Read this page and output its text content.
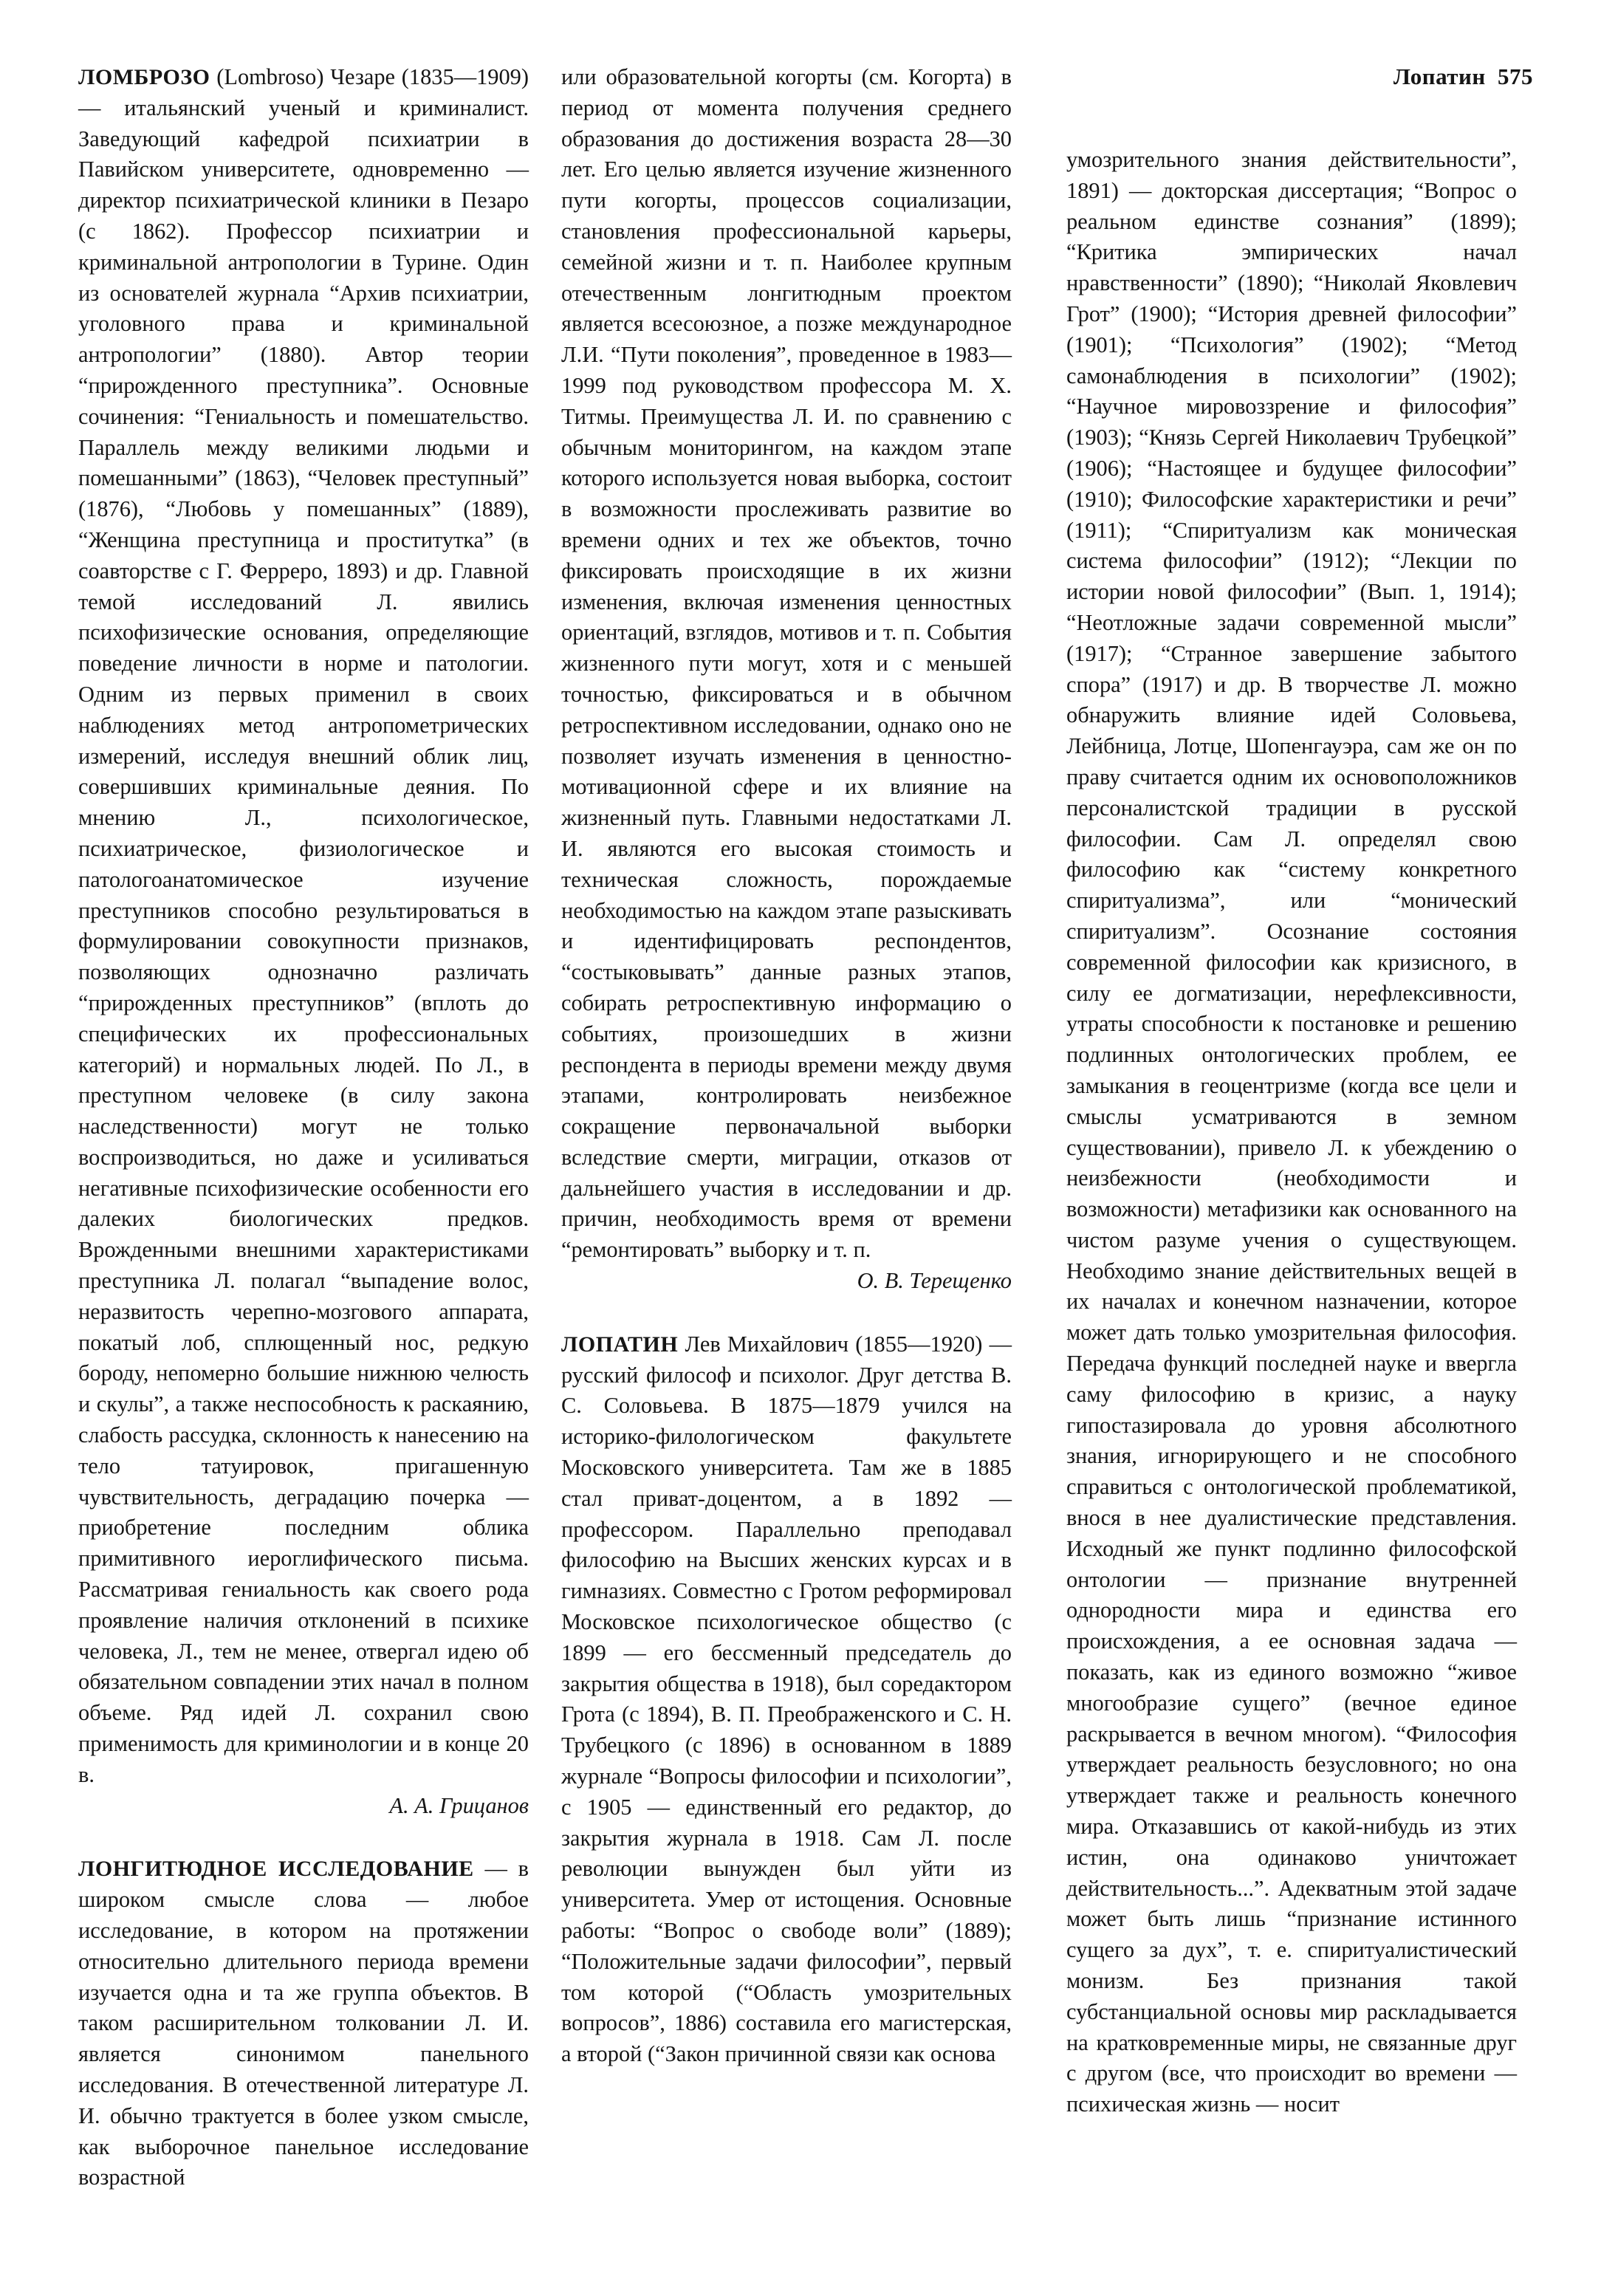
Лопатин 575

ЛОМБРОЗО (Lombroso) Чезаре (1835—1909) — итальянский ученый и криминалист. Заведующий кафедрой психиатрии в Павийском университете, одновременно — директор психиатрической клиники в Пезаро (с 1862). Профессор психиатрии и криминальной антропологии в Турине. Один из основателей журнала “Архив психиатрии, уголовного права и криминальной антропологии” (1880). Автор теории “прирожденного преступника”. Основные сочинения: “Гениальность и помешательство. Параллель между великими людьми и помешанными” (1863), “Человек преступный” (1876), “Любовь у помешанных” (1889), “Женщина преступница и проститутка” (в соавторстве с Г. Ферреро, 1893) и др. Главной темой исследований Л. явились психофизические основания, определяющие поведение личности в норме и патологии. Одним из первых применил в своих наблюдениях метод антропометрических измерений, исследуя внешний облик лиц, совершивших криминальные деяния. По мнению Л., психологическое, психиатрическое, физиологическое и патологоанатомическое изучение преступников способно результироваться в формулировании совокупности признаков, позволяющих однозначно различать “прирожденных преступников” (вплоть до специфических их профессиональных категорий) и нормальных людей. По Л., в преступном человеке (в силу закона наследственности) могут не только воспроизводиться, но даже и усиливаться негативные психофизические особенности его далеких биологических предков. Врожденными внешними характеристиками преступника Л. полагал “выпадение волос, неразвитость черепно-мозгового аппарата, покатый лоб, сплющенный нос, редкую бороду, непомерно большие нижнюю челюсть и скулы”, а также неспособность к раскаянию, слабость рассудка, склонность к нанесению на тело татуировок, пригашенную чувствительность, деградацию почерка — приобретение последним облика примитивного иероглифического письма. Рассматривая гениальность как своего рода проявление наличия отклонений в психике человека, Л., тем не менее, отвергал идею об обязательном совпадении этих начал в полном объеме. Ряд идей Л. сохранил свою применимость для криминологии и в конце 20 в.

А. А. Грицанов

ЛОНГИТЮДНОЕ ИССЛЕДОВАНИЕ — в широком смысле слова — любое исследование, в котором на протяжении относительно длительного периода времени изучается одна и та же группа объектов. В таком расширительном толковании Л. И. является синонимом панельного исследования. В отечественной литературе Л. И. обычно трактуется в более узком смысле, как выборочное панельное исследование возрастной

или образовательной когорты (см. Когорта) в период от момента получения среднего образования до достижения возраста 28—30 лет. Его целью является изучение жизненного пути когорты, процессов социализации, становления профессиональной карьеры, семейной жизни и т. п. Наиболее крупным отечественным лонгитюдным проектом является всесоюзное, а позже международное Л.И. “Пути поколения”, проведенное в 1983—1999 под руководством профессора М. Х. Титмы. Преимущества Л. И. по сравнению с обычным мониторингом, на каждом этапе которого используется новая выборка, состоит в возможности прослеживать развитие во времени одних и тех же объектов, точно фиксировать происходящие в их жизни изменения, включая изменения ценностных ориентаций, взглядов, мотивов и т. п. События жизненного пути могут, хотя и с меньшей точностью, фиксироваться и в обычном ретроспективном исследовании, однако оно не позволяет изучать изменения в ценностно-мотивационной сфере и их влияние на жизненный путь. Главными недостатками Л. И. являются его высокая стоимость и техническая сложность, порождаемые необходимостью на каждом этапе разыскивать и идентифицировать респондентов, “состыковывать” данные разных этапов, собирать ретроспективную информацию о событиях, произошедших в жизни респондента в периоды времени между двумя этапами, контролировать неизбежное сокращение первоначальной выборки вследствие смерти, миграции, отказов от дальнейшего участия в исследовании и др. причин, необходимость время от времени “ремонтировать” выборку и т. п.

О. В. Терещенко

ЛОПАТИН Лев Михайлович (1855—1920) — русский философ и психолог. Друг детства В. С. Соловьева. В 1875—1879 учился на историко-филологическом факультете Московского университета. Там же в 1885 стал приват-доцентом, а в 1892 — профессором. Параллельно преподавал философию на Высших женских курсах и в гимназиях. Совместно с Гротом реформировал Московское психологическое общество (с 1899 — его бессменный председатель до закрытия общества в 1918), был соредактором Грота (с 1894), В. П. Преображенского и С. Н. Трубецкого (с 1896) в основанном в 1889 журнале “Вопросы философии и психологии”, с 1905 — единственный его редактор, до закрытия журнала в 1918. Сам Л. после революции вынужден был уйти из университета. Умер от истощения. Основные работы: “Вопрос о свободе воли” (1889); “Положительные задачи философии”, первый том которой (“Область умозрительных вопросов”, 1886) составила его магистерская, а второй (“Закон причинной связи как основа

умозрительного знания действительности”, 1891) — докторская диссертация; “Вопрос о реальном единстве сознания” (1899); “Критика эмпирических начал нравственности” (1890); “Николай Яковлевич Грот” (1900); “История древней философии” (1901); “Психология” (1902); “Метод самонаблюдения в психологии” (1902); “Научное мировоззрение и философия” (1903); “Князь Сергей Николаевич Трубецкой” (1906); “Настоящее и будущее философии” (1910); Философские характеристики и речи” (1911); “Спиритуализм как моническая система философии” (1912); “Лекции по истории новой философии” (Вып. 1, 1914); “Неотложные задачи современной мысли” (1917); “Странное завершение забытого спора” (1917) и др. В творчестве Л. можно обнаружить влияние идей Соловьева, Лейбница, Лотце, Шопенгауэра, сам же он по праву считается одним их основоположников персоналистской традиции в русской философии. Сам Л. определял свою философию как “систему конкретного спиритуализма”, или “монический спиритуализм”. Осознание состояния современной философии как кризисного, в силу ее догматизации, нерефлексивности, утраты способности к постановке и решению подлинных онтологических проблем, ее замыкания в геоцентризме (когда все цели и смыслы усматриваются в земном существовании), привело Л. к убеждению о неизбежности (необходимости и возможности) метафизики как основанного на чистом разуме учения о существующем. Необходимо знание действительных вещей в их началах и конечном назначении, которое может дать только умозрительная философия. Передача функций последней науке и ввергла саму философию в кризис, а науку гипостазировала до уровня абсолютного знания, игнорирующего и не способного справиться с онтологической проблематикой, внося в нее дуалистические представления. Исходный же пункт подлинно философской онтологии — признание внутренней однородности мира и единства его происхождения, а ее основная задача — показать, как из единого возможно “живое многообразие сущего” (вечное единое раскрывается в вечном многом). “Философия утверждает реальность безусловного; но она утверждает также и реальность конечного мира. Отказавшись от какой-нибудь из этих истин, она одинаково уничтожает действительность...”. Адекватным этой задаче может быть лишь “признание истинного сущего за дух”, т. е. спиритуалистический монизм. Без признания такой субстанциальной основы мир раскладывается на кратковременные миры, не связанные друг с другом (все, что происходит во времени — психическая жизнь — носит
